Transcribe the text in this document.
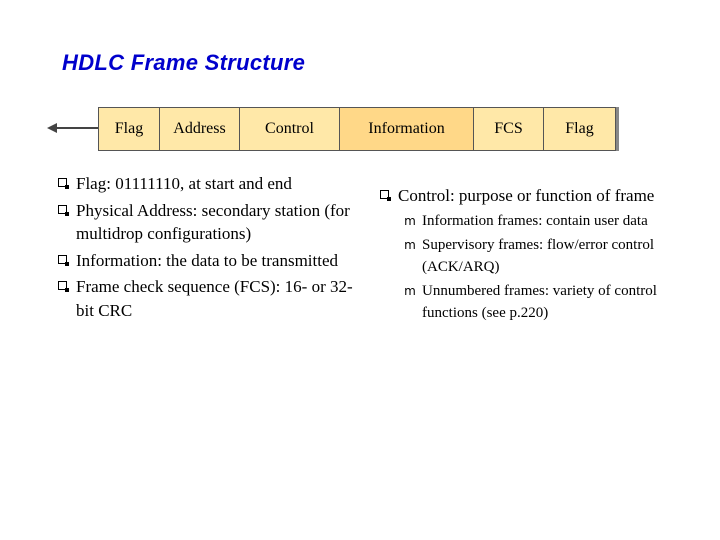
HDLC Frame Structure
Flag	Address	Control	Information	FCS	Flag
Flag: 01111110, at start and end
Physical Address: secondary station (for multidrop configurations)
Information: the data to be transmitted
Frame check sequence (FCS): 16- or 32-bit CRC
Control: purpose or function of frame
m Information frames: contain user data
m Supervisory frames: flow/error control (ACK/ARQ)
m Unnumbered frames: variety of control functions (see p.220)
